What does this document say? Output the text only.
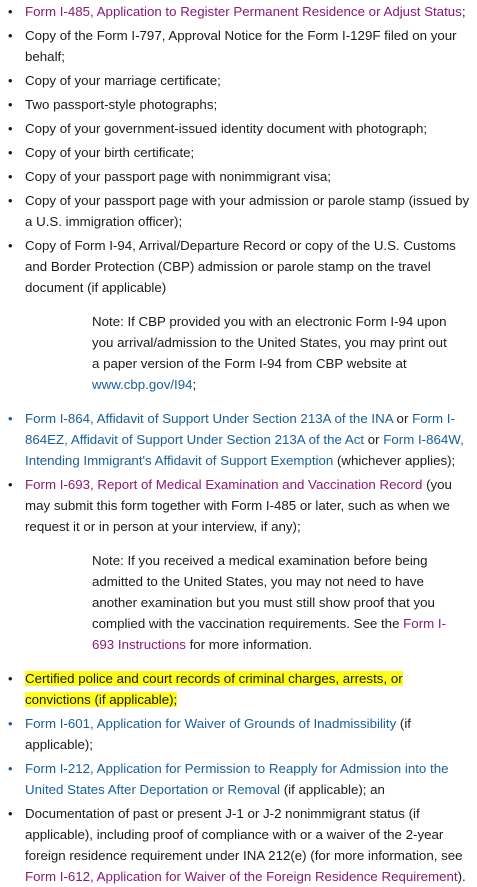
• Form I-485, Application to Register Permanent Residence or Adjust Status;
• Copy of the Form I-797, Approval Notice for the Form I-129F filed on your behalf;
• Copy of your marriage certificate;
• Two passport-style photographs;
• Copy of your government-issued identity document with photograph;
• Copy of your birth certificate;
• Copy of your passport page with nonimmigrant visa;
• Copy of your passport page with your admission or parole stamp (issued by a U.S. immigration officer);
• Copy of Form I-94, Arrival/Departure Record or copy of the U.S. Customs and Border Protection (CBP) admission or parole stamp on the travel document (if applicable)
Note: If CBP provided you with an electronic Form I-94 upon you arrival/admission to the United States, you may print out a paper version of the Form I-94 from CBP website at www.cbp.gov/I94;
• Form I-864, Affidavit of Support Under Section 213A of the INA or Form I-864EZ, Affidavit of Support Under Section 213A of the Act or Form I-864W, Intending Immigrant's Affidavit of Support Exemption (whichever applies);
• Form I-693, Report of Medical Examination and Vaccination Record (you may submit this form together with Form I-485 or later, such as when we request it or in person at your interview, if any);
Note: If you received a medical examination before being admitted to the United States, you may not need to have another examination but you must still show proof that you complied with the vaccination requirements. See the Form I-693 Instructions for more information.
• Certified police and court records of criminal charges, arrests, or convictions (if applicable);
• Form I-601, Application for Waiver of Grounds of Inadmissibility (if applicable);
• Form I-212, Application for Permission to Reapply for Admission into the United States After Deportation or Removal (if applicable); an
• Documentation of past or present J-1 or J-2 nonimmigrant status (if applicable), including proof of compliance with or a waiver of the 2-year foreign residence requirement under INA 212(e) (for more information, see Form I-612, Application for Waiver of the Foreign Residence Requirement).
